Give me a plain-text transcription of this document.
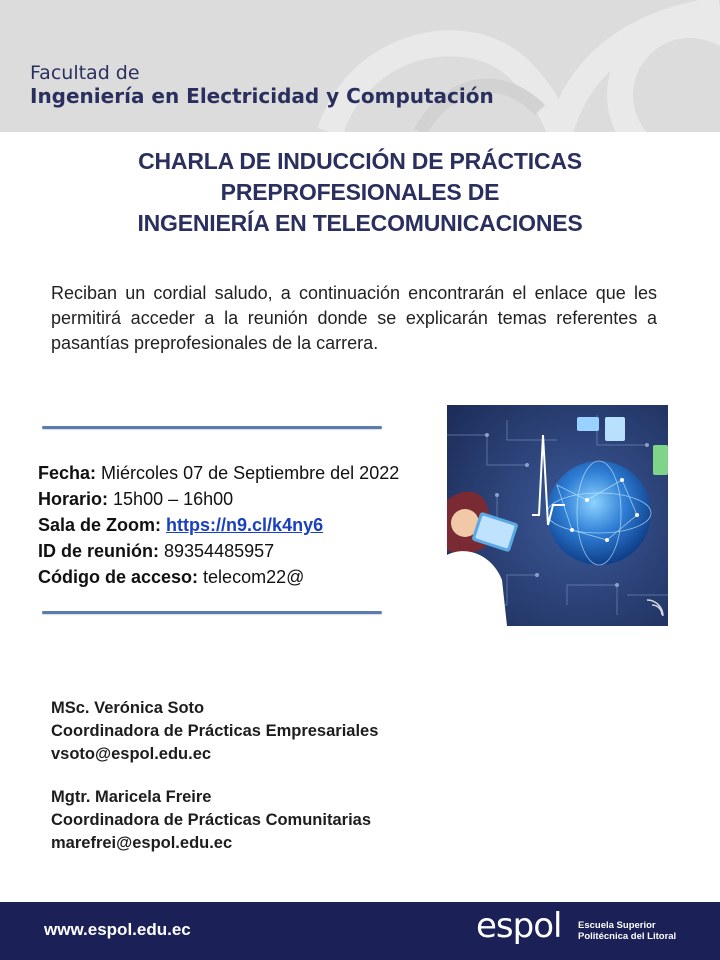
Facultad de
Ingeniería en Electricidad y Computación
CHARLA DE INDUCCIÓN DE PRÁCTICAS
PREPROFESIONALES DE
INGENIERÍA EN TELECOMUNICACIONES
Reciban un cordial saludo, a continuación encontrarán el enlace que les permitirá acceder a la reunión donde se explicarán temas referentes a pasantías preprofesionales de la carrera.
Fecha: Miércoles 07 de Septiembre del 2022
Horario: 15h00 – 16h00
Sala de Zoom: https://n9.cl/k4ny6
ID de reunión: 89354485957
Código de acceso: telecom22@
MSc. Verónica Soto
Coordinadora de Prácticas Empresariales
vsoto@espol.edu.ec
Mgtr. Maricela Freire
Coordinadora de Prácticas Comunitarias
marefrei@espol.edu.ec
www.espol.edu.ec	espol Escuela Superior
Politécnica del Litoral
